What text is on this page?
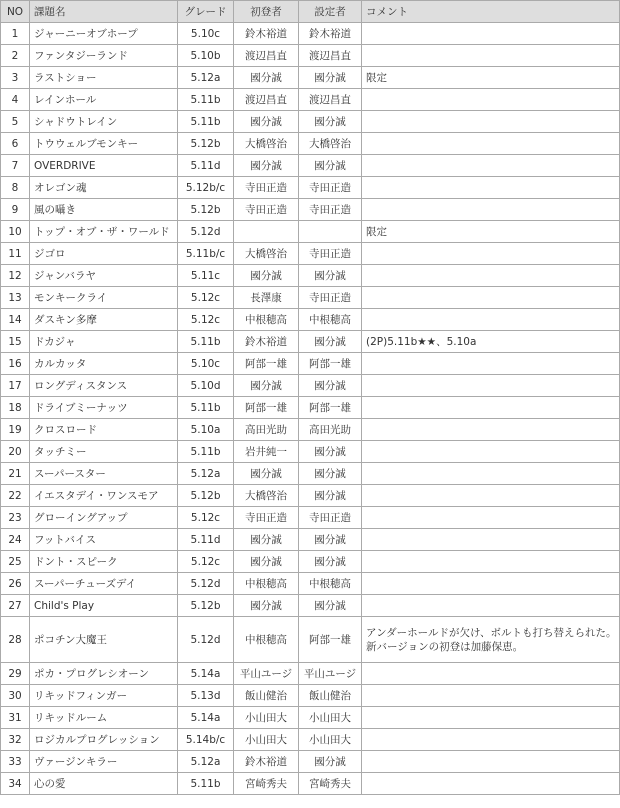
NO	課題名	グレード	初登者	設定者	コメント
1	ジャーニーオブホープ	5.10c	鈴木裕道	鈴木裕道	
2	ファンタジーランド	5.10b	渡辺昌直	渡辺昌直	
3	ラストショー	5.12a	國分誠	國分誠	限定
4	レインホール	5.11b	渡辺昌直	渡辺昌直	
5	シャドウトレイン	5.11b	國分誠	國分誠	
6	トウウェルブモンキー	5.12b	大橋啓治	大橋啓治	
7	OVERDRIVE	5.11d	國分誠	國分誠	
8	オレゴン魂	5.12b/c	寺田正造	寺田正造	
9	風の囁き	5.12b	寺田正造	寺田正造	
10	トップ・オブ・ザ・ワールド	5.12d			限定
11	ジゴロ	5.11b/c	大橋啓治	寺田正造	
12	ジャンバラヤ	5.11c	國分誠	國分誠	
13	モンキークライ	5.12c	長澤康	寺田正造	
14	ダスキン多摩	5.12c	中根穂高	中根穂高	
15	ドカジャ	5.11b	鈴木裕道	國分誠	(2P)5.11b★★、5.10a
16	カルカッタ	5.10c	阿部一雄	阿部一雄	
17	ロングディスタンス	5.10d	國分誠	國分誠	
18	ドライブミーナッツ	5.11b	阿部一雄	阿部一雄	
19	クロスロード	5.10a	高田光助	高田光助	
20	タッチミー	5.11b	岩井純一	國分誠	
21	スーパースター	5.12a	國分誠	國分誠	
22	イエスタデイ・ワンスモア	5.12b	大橋啓治	國分誠	
23	グローイングアップ	5.12c	寺田正造	寺田正造	
24	フットバイス	5.11d	國分誠	國分誠	
25	ドント・スピーク	5.12c	國分誠	國分誠	
26	スーパーチューズデイ	5.12d	中根穂高	中根穂高	
27	Child's Play	5.12b	國分誠	國分誠	
28	ポコチン大魔王	5.12d	中根穂高	阿部一雄	アンダーホールドが欠け、ボルトも打ち替えられた。
新バージョンの初登は加藤保恵。

29	ポカ・プログレシオーン	5.14a	平山ユージ	平山ユージ	
30	リキッドフィンガー	5.13d	飯山健治	飯山健治	
31	リキッドルーム	5.14a	小山田大	小山田大	
32	ロジカルプログレッション	5.14b/c	小山田大	小山田大	
33	ヴァージンキラー	5.12a	鈴木裕道	國分誠	
34	心の愛	5.11b	宮崎秀夫	宮崎秀夫	
